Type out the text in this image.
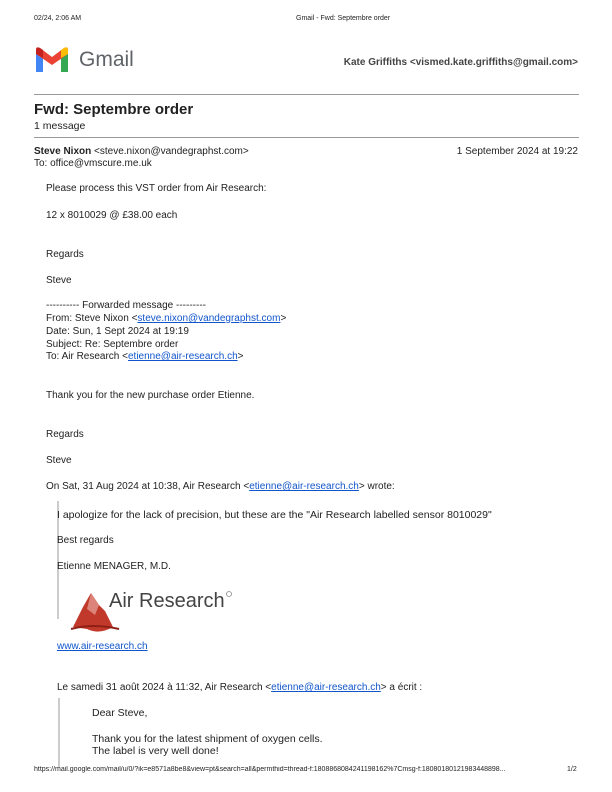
02/24, 2:06 AM	Gmail - Fwd: Septembre order
Gmail	Kate Griffiths <vismed.kate.griffiths@gmail.com>
Fwd: Septembre order
1 message
Steve Nixon <steve.nixon@vandegraphst.com>	1 September 2024 at 19:22
To: office@vmscure.me.uk
Please process this VST order from Air Research:
12 x 8010029 @ £38.00 each
Regards
Steve
---------- Forwarded message ---------
From: Steve Nixon <steve.nixon@vandegraphst.com>
Date: Sun, 1 Sept 2024 at 19:19
Subject: Re: Septembre order
To: Air Research <etienne@air-research.ch>
Thank you for the new purchase order Etienne.
Regards
Steve
On Sat, 31 Aug 2024 at 10:38, Air Research <etienne@air-research.ch> wrote:
I apologize for the lack of precision, but these are the "Air Research labelled sensor 8010029"
Best regards
Etienne MENAGER, M.D.
Air Research
www.air-research.ch
Le samedi 31 août 2024 à 11:32, Air Research <etienne@air-research.ch> a écrit :
Dear Steve,
Thank you for the latest shipment of oxygen cells.
The label is very well done!
https://mail.google.com/mail/u/0/?ik=e8571a8be8&view=pt&search=all&permthid=thread-f:1808868084241198162%7Cmsg-f:18080180121983448898...	1/2
